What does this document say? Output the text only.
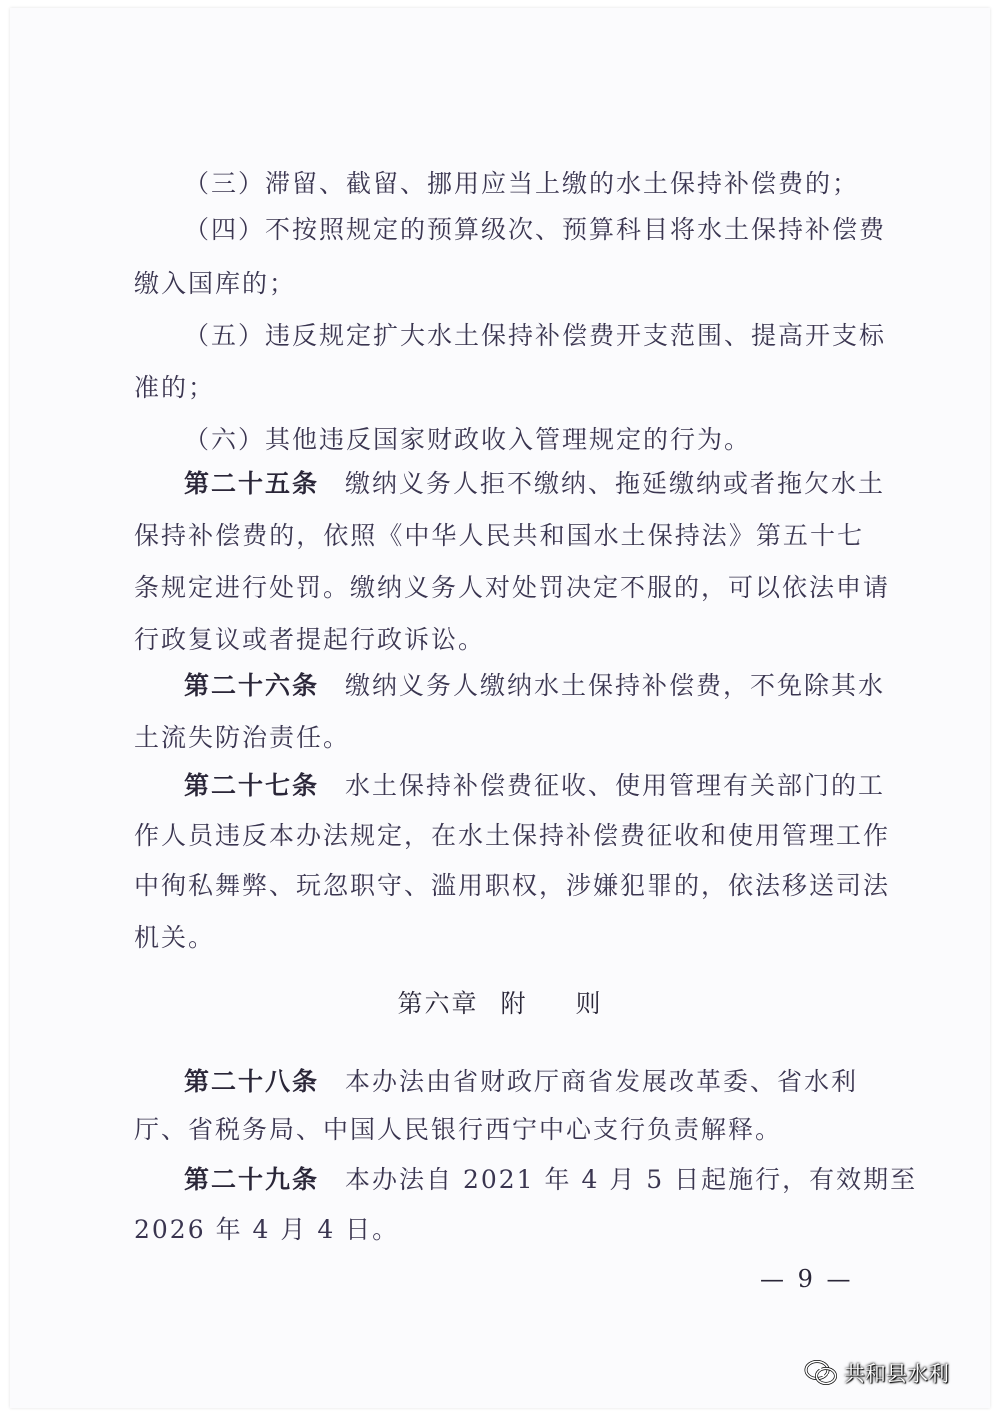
（三）滞留、截留、挪用应当上缴的水土保持补偿费的；
（四）不按照规定的预算级次、预算科目将水土保持补偿费
缴入国库的；
（五）违反规定扩大水土保持补偿费开支范围、提高开支标
准的；
（六）其他违反国家财政收入管理规定的行为。
第二十五条 缴纳义务人拒不缴纳、拖延缴纳或者拖欠水土
保持补偿费的，依照《中华人民共和国水土保持法》第五十七
条规定进行处罚。缴纳义务人对处罚决定不服的，可以依法申请
行政复议或者提起行政诉讼。
第二十六条 缴纳义务人缴纳水土保持补偿费，不免除其水
土流失防治责任。
第二十七条 水土保持补偿费征收、使用管理有关部门的工
作人员违反本办法规定，在水土保持补偿费征收和使用管理工作
中徇私舞弊、玩忽职守、滥用职权，涉嫌犯罪的，依法移送司法
机关。
第六章 附 则
第二十八条 本办法由省财政厅商省发展改革委、省水利
厅、省税务局、中国人民银行西宁中心支行负责解释。
第二十九条 本办法自 2021 年 4 月 5 日起施行，有效期至
2026 年 4 月 4 日。
— 9 —
共和县水利
